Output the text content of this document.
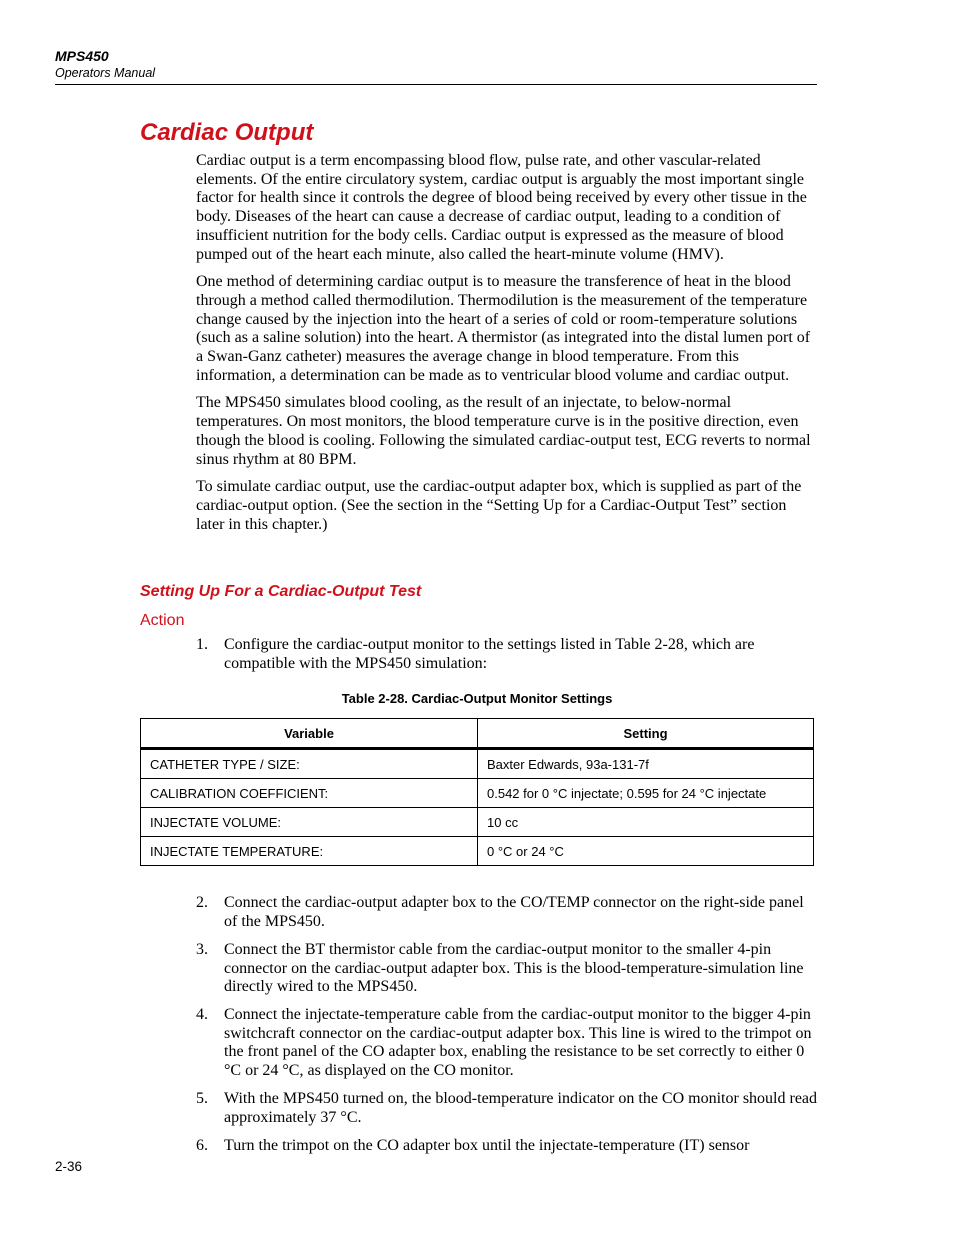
MPS450
Operators Manual
Cardiac Output

Cardiac output is a term encompassing blood flow, pulse rate, and other vascular-related elements. Of the entire circulatory system, cardiac output is arguably the most important single factor for health since it controls the degree of blood being received by every other tissue in the body. Diseases of the heart can cause a decrease of cardiac output, leading to a condition of insufficient nutrition for the body cells. Cardiac output is expressed as the measure of blood pumped out of the heart each minute, also called the heart-minute volume (HMV).

One method of determining cardiac output is to measure the transference of heat in the blood through a method called thermodilution. Thermodilution is the measurement of the temperature change caused by the injection into the heart of a series of cold or room-temperature solutions (such as a saline solution) into the heart. A thermistor (as integrated into the distal lumen port of a Swan-Ganz catheter) measures the average change in blood temperature. From this information, a determination can be made as to ventricular blood volume and cardiac output.

The MPS450 simulates blood cooling, as the result of an injectate, to below-normal temperatures. On most monitors, the blood temperature curve is in the positive direction, even though the blood is cooling. Following the simulated cardiac-output test, ECG reverts to normal sinus rhythm at 80 BPM.

To simulate cardiac output, use the cardiac-output adapter box, which is supplied as part of the cardiac-output option. (See the section in the “Setting Up for a Cardiac-Output Test” section later in this chapter.)

Setting Up For a Cardiac-Output Test
Action
1. Configure the cardiac-output monitor to the settings listed in Table 2-28, which are compatible with the MPS450 simulation:
Table 2-28. Cardiac-Output Monitor Settings
Variable	Setting
CATHETER TYPE / SIZE:	Baxter Edwards, 93a-131-7f
CALIBRATION COEFFICIENT:	0.542 for 0 °C injectate; 0.595 for 24 °C injectate
INJECTATE VOLUME:	10 cc
INJECTATE TEMPERATURE:	0 °C or 24 °C
2. Connect the cardiac-output adapter box to the CO/TEMP connector on the right-side panel of the MPS450.
3. Connect the BT thermistor cable from the cardiac-output monitor to the smaller 4-pin connector on the cardiac-output adapter box. This is the blood-temperature-simulation line directly wired to the MPS450.
4. Connect the injectate-temperature cable from the cardiac-output monitor to the bigger 4-pin switchcraft connector on the cardiac-output adapter box. This line is wired to the trimpot on the front panel of the CO adapter box, enabling the resistance to be set correctly to either 0 °C or 24 °C, as displayed on the CO monitor.
5. With the MPS450 turned on, the blood-temperature indicator on the CO monitor should read approximately 37 °C.
6. Turn the trimpot on the CO adapter box until the injectate-temperature (IT) sensor
2-36
